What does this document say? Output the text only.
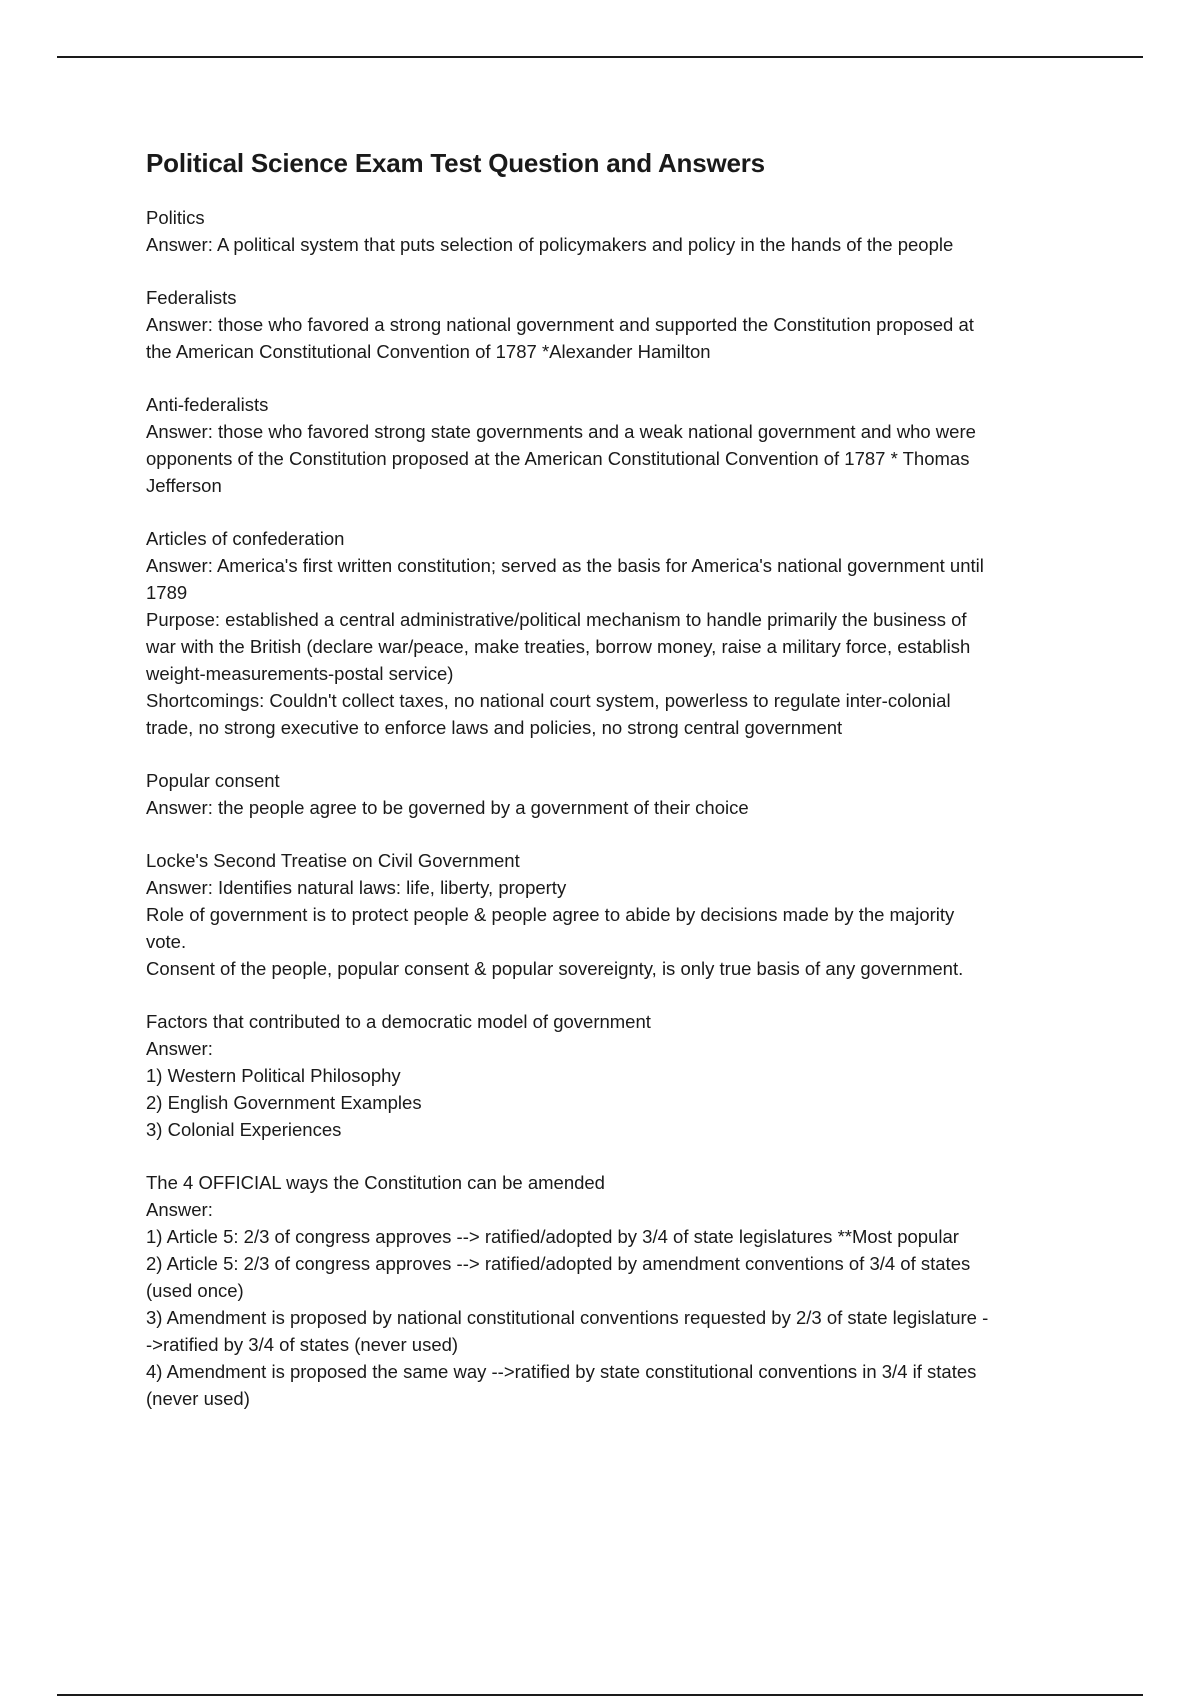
Political Science Exam Test Question and Answers

Politics

Answer: A political system that puts selection of policymakers and policy in the hands of the people

Federalists

Answer: those who favored a strong national government and supported the Constitution proposed at

the American Constitutional Convention of 1787 *Alexander Hamilton

Anti-federalists

Answer: those who favored strong state governments and a weak national government and who were

opponents of the Constitution proposed at the American Constitutional Convention of 1787 * Thomas

Jefferson

Articles of confederation

Answer: America's first written constitution; served as the basis for America's national government until

1789

Purpose: established a central administrative/political mechanism to handle primarily the business of

war with the British (declare war/peace, make treaties, borrow money, raise a military force, establish

weight-measurements-postal service)

Shortcomings: Couldn't collect taxes, no national court system, powerless to regulate inter-colonial

trade, no strong executive to enforce laws and policies, no strong central government

Popular consent

Answer: the people agree to be governed by a government of their choice

Locke's Second Treatise on Civil Government

Answer: Identifies natural laws: life, liberty, property

Role of government is to protect people & people agree to abide by decisions made by the majority

vote.

Consent of the people, popular consent & popular sovereignty, is only true basis of any government.

Factors that contributed to a democratic model of government

Answer:

1) Western Political Philosophy

2) English Government Examples

3) Colonial Experiences

The 4 OFFICIAL ways the Constitution can be amended

Answer:

1) Article 5: 2/3 of congress approves --> ratified/adopted by 3/4 of state legislatures **Most popular

2) Article 5: 2/3 of congress approves --> ratified/adopted by amendment conventions of 3/4 of states

(used once)

3) Amendment is proposed by national constitutional conventions requested by 2/3 of state legislature -

->ratified by 3/4 of states (never used)

4) Amendment is proposed the same way -->ratified by state constitutional conventions in 3/4 if states

(never used)
